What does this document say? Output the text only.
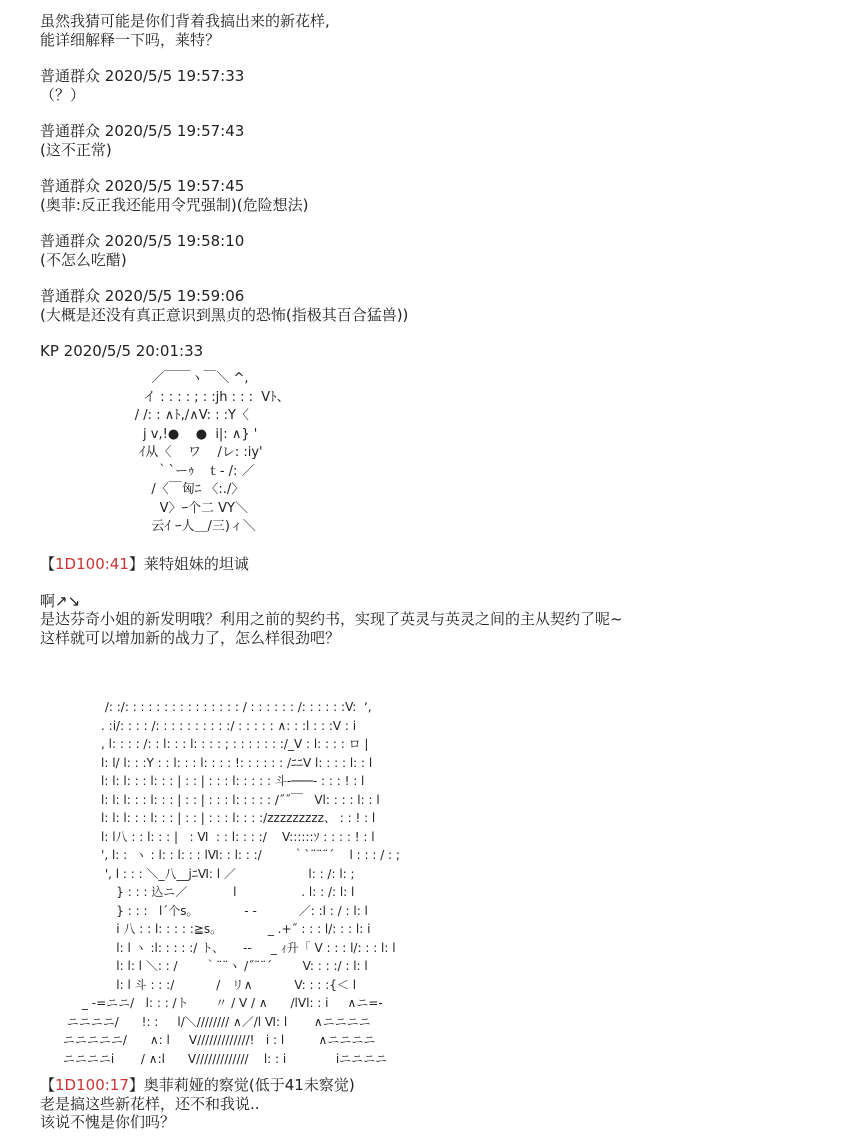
虽然我猜可能是你们背着我搞出来的新花样,
能详细解释一下吗，莱特？
普通群众 2020/5/5 19:57:33
（？）
普通群众 2020/5/5 19:57:43
(这不正常)
普通群众 2020/5/5 19:57:45
(奥菲:反正我还能用令咒强制)(危险想法)
普通群众 2020/5/5 19:58:10
(不怎么吃醋)
普通群众 2020/5/5 19:59:06
(大概是还没有真正意识到黑贞的恐怖(指极其百合猛兽))
KP 2020/5/5 20:01:33
／￣￣ヽ￣＼ ^,
イ : : : : ; : :j​h : : :  Vﾄ、
/ /: : ∧ﾄ,/∧V: : :Y〈
j v,!●    ●  i|: ∧} '
ｲ从〈    ワ    /レ: :iy'
｀`ーｩ   ｔ- /: ／
/〈￣匈ﾆ 〈:./〉
V〉ｰ个二 VY＼
云ｲ ｰ人＿/三)ィ＼
【1D100:41】莱特姐妹的坦诚
啊↗↘
是达芬奇小姐的新发明哦？利用之前的契约书，实现了英灵与英灵之间的主从契约了呢~
这样就可以增加新的战力了，怎么样很劲吧？
/: :/: : : : : : : : : : : : : : : / : : : : : : /: : : : : :V:  ‘,
. :i/: : : : /: : : : : : : : : :/ : : : : : ∧: : :l : : :V : i
, l: : : : /: : l: : : l: : : : ; : : : : : : :/_V : l: : : : ロ |
l: l/ l: : :Y : : l: : : l: : : : !: : : : : : /ﾆﾆV l: : : : l: : l
l: l: l: : : l: : : | : : | : : : l: : : : : 斗-───- : : : ! : l
l: l: l: : : l: : : | : : | : : : l: : : : : /˝˝￣   Vl: : : : l: : l
l: l: l: : : l: : : | : : | : : : l: : : :/zzzzzzzzz、 : : ! : l
l: l八 : : l: : : |   : Ⅵ  : : l: : : :/    V::::::ｿ : : : : ! : l
', l: :  ヽ : l: : l: : : lⅥ: : l: : :/        ｀`¨¨¨´    l : : : / : ;
', l : : : ＼_八__jﾆⅥ: l ／                   l: : /: l: ;
} : : : 込ニ／            l                 . l: : /: l: l
} : : :   l´个s。            - -           ／: :l : / : l: l
i 八 : : l: : : : :≧s。            _ .+˝ : : : l/: : : l: i
l: l ヽ :l: : : : :/ ト、     --     _ ｨ升「 V : : : l/: : : l: l
l: l: l ＼: : /       ｀¨¨ヽ /˝¨¨´        V: : : :/ : l: l
l: l 斗 : : :/           /   リ∧           V: : : :{＜ l
_ -=ニニ/   l: : : /ト       〃 / V / ∧      /lVl: : i     ∧ニ=-
ニニニニ/      !: :     l/＼//////// ∧／/l Ⅵ: l       ∧ニニニニ
ニニニニニ/      ∧: l     V/////////////!   i : l         ∧ニニニニ
ニニニニi       / ∧:l      V/////////////    l: : i             iニニニニ
【1D100:17】奥菲莉娅的察觉(低于41未察觉)
老是搞这些新花样，还不和我说..
该说不愧是你们吗？
